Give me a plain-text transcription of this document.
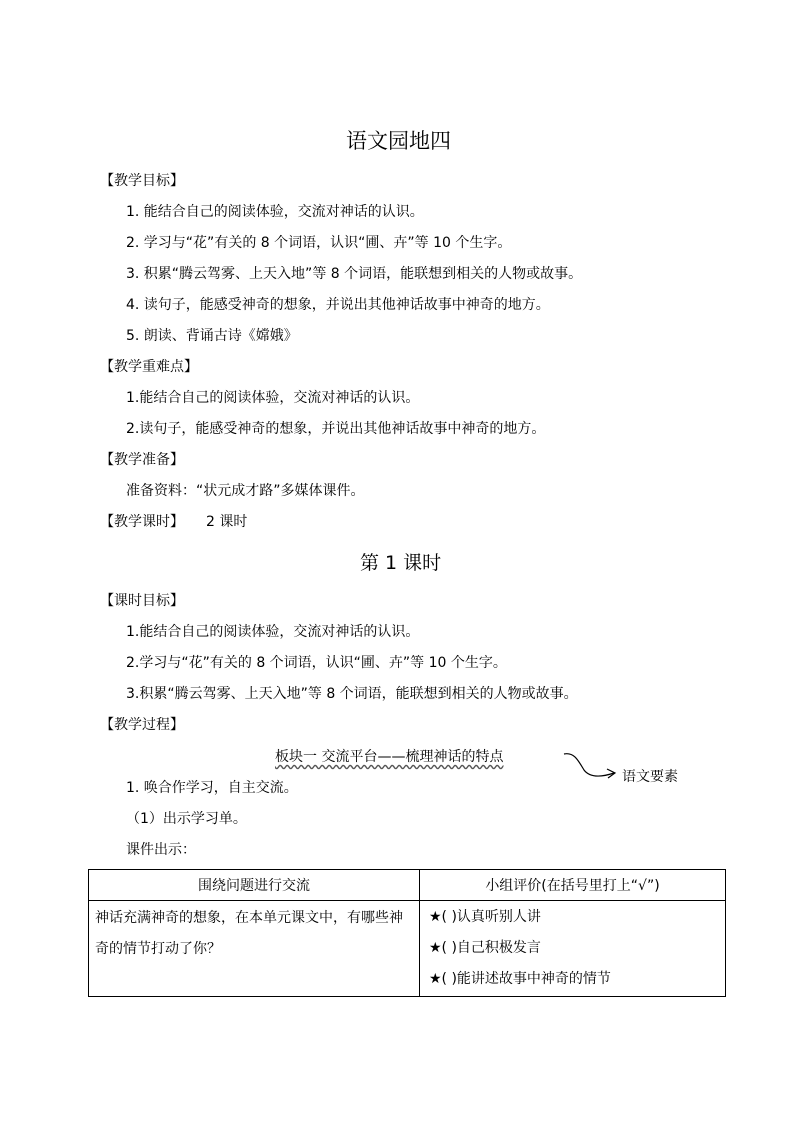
语文园地四
【教学目标】
1. 能结合自己的阅读体验，交流对神话的认识。
2. 学习与“花”有关的 8 个词语，认识“圃、卉”等 10 个生字。
3. 积累“腾云驾雾、上天入地”等 8 个词语，能联想到相关的人物或故事。
4. 读句子，能感受神奇的想象，并说出其他神话故事中神奇的地方。
5. 朗读、背诵古诗《嫦娥》
【教学重难点】
1.能结合自己的阅读体验，交流对神话的认识。
2.读句子，能感受神奇的想象，并说出其他神话故事中神奇的地方。
【教学准备】
准备资料：“状元成才路”多媒体课件。
【教学课时】 2 课时
第 1 课时
【课时目标】
1.能结合自己的阅读体验，交流对神话的认识。
2.学习与“花”有关的 8 个词语，认识“圃、卉”等 10 个生字。
3.积累“腾云驾雾、上天入地”等 8 个词语，能联想到相关的人物或故事。
【教学过程】
板块一 交流平台——梳理神话的特点
语文要素
1. 唤合作学习，自主交流。
（1）出示学习单。
课件出示：
围绕问题进行交流	小组评价(在括号里打上“√”)
神话充满神奇的想象，在本单元课文中，有哪些神奇的情节打动了你？	★( )认真听别人讲
★( )自己积极发言
★( )能讲述故事中神奇的情节
